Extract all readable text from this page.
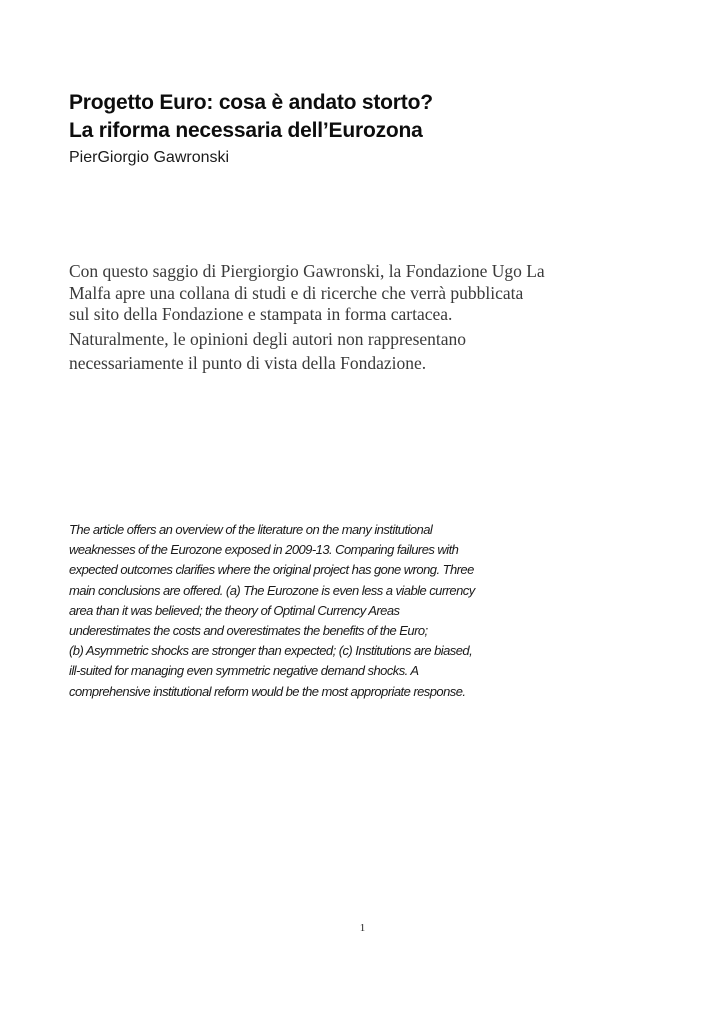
Progetto Euro: cosa è andato storto?
La riforma necessaria dell’Eurozona
PierGiorgio Gawronski
Con questo saggio di Piergiorgio Gawronski, la Fondazione Ugo La
Malfa apre una collana di studi e di ricerche che verrà pubblicata
sul sito della Fondazione e stampata in forma cartacea.
Naturalmente, le opinioni degli autori non rappresentano
necessariamente il punto di vista della Fondazione.
The article offers an overview of the literature on the many institutional
weaknesses of the Eurozone exposed in 2009-13. Comparing failures with
expected outcomes clarifies where the original project has gone wrong. Three
main conclusions are offered. (a) The Eurozone is even less a viable currency
area than it was believed; the theory of Optimal Currency Areas
underestimates the costs and overestimates the benefits of the Euro;
(b) Asymmetric shocks are stronger than expected; (c) Institutions are biased,
ill-suited for managing even symmetric negative demand shocks. A
comprehensive institutional reform would be the most appropriate response.
1
